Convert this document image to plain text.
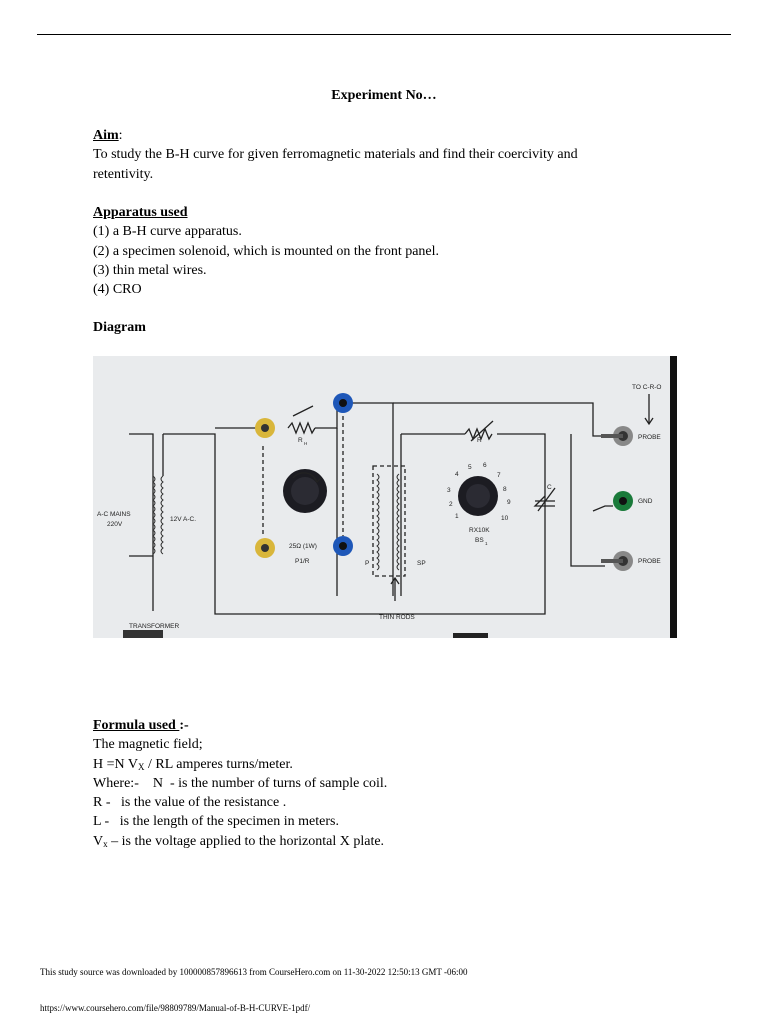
Experiment No…
Aim:
To study the B-H curve for given ferromagnetic materials and find their coercivity and
retentivity.
Apparatus used
(1) a B-H curve apparatus.
(2) a specimen solenoid, which is mounted on the front panel.
(3) thin metal wires.
(4) CRO
Diagram
TO C-R-O
PROBE
GND
PROBE
A-C MAINS
220V
12V A-C.
R H	R
25Ω (1W)
P1/R	P	SP
RX10K
BS 1
C
THIN RODS
TRANSFORMER
1
2
3
4
5 6
7
8
9
10
Formula used :-
The magnetic field;
H =N $V_X$ / RL amperes turns/meter.
Where:-    N  - is the number of turns of sample coil.
R -   is the value of the resistance .
L -   is the length of the specimen in meters.
$V_x$ – is the voltage applied to the horizontal X plate.
This study source was downloaded by 100000857896613 from CourseHero.com on 11-30-2022 12:50:13 GMT -06:00
https://www.coursehero.com/file/98809789/Manual-of-B-H-CURVE-1pdf/
